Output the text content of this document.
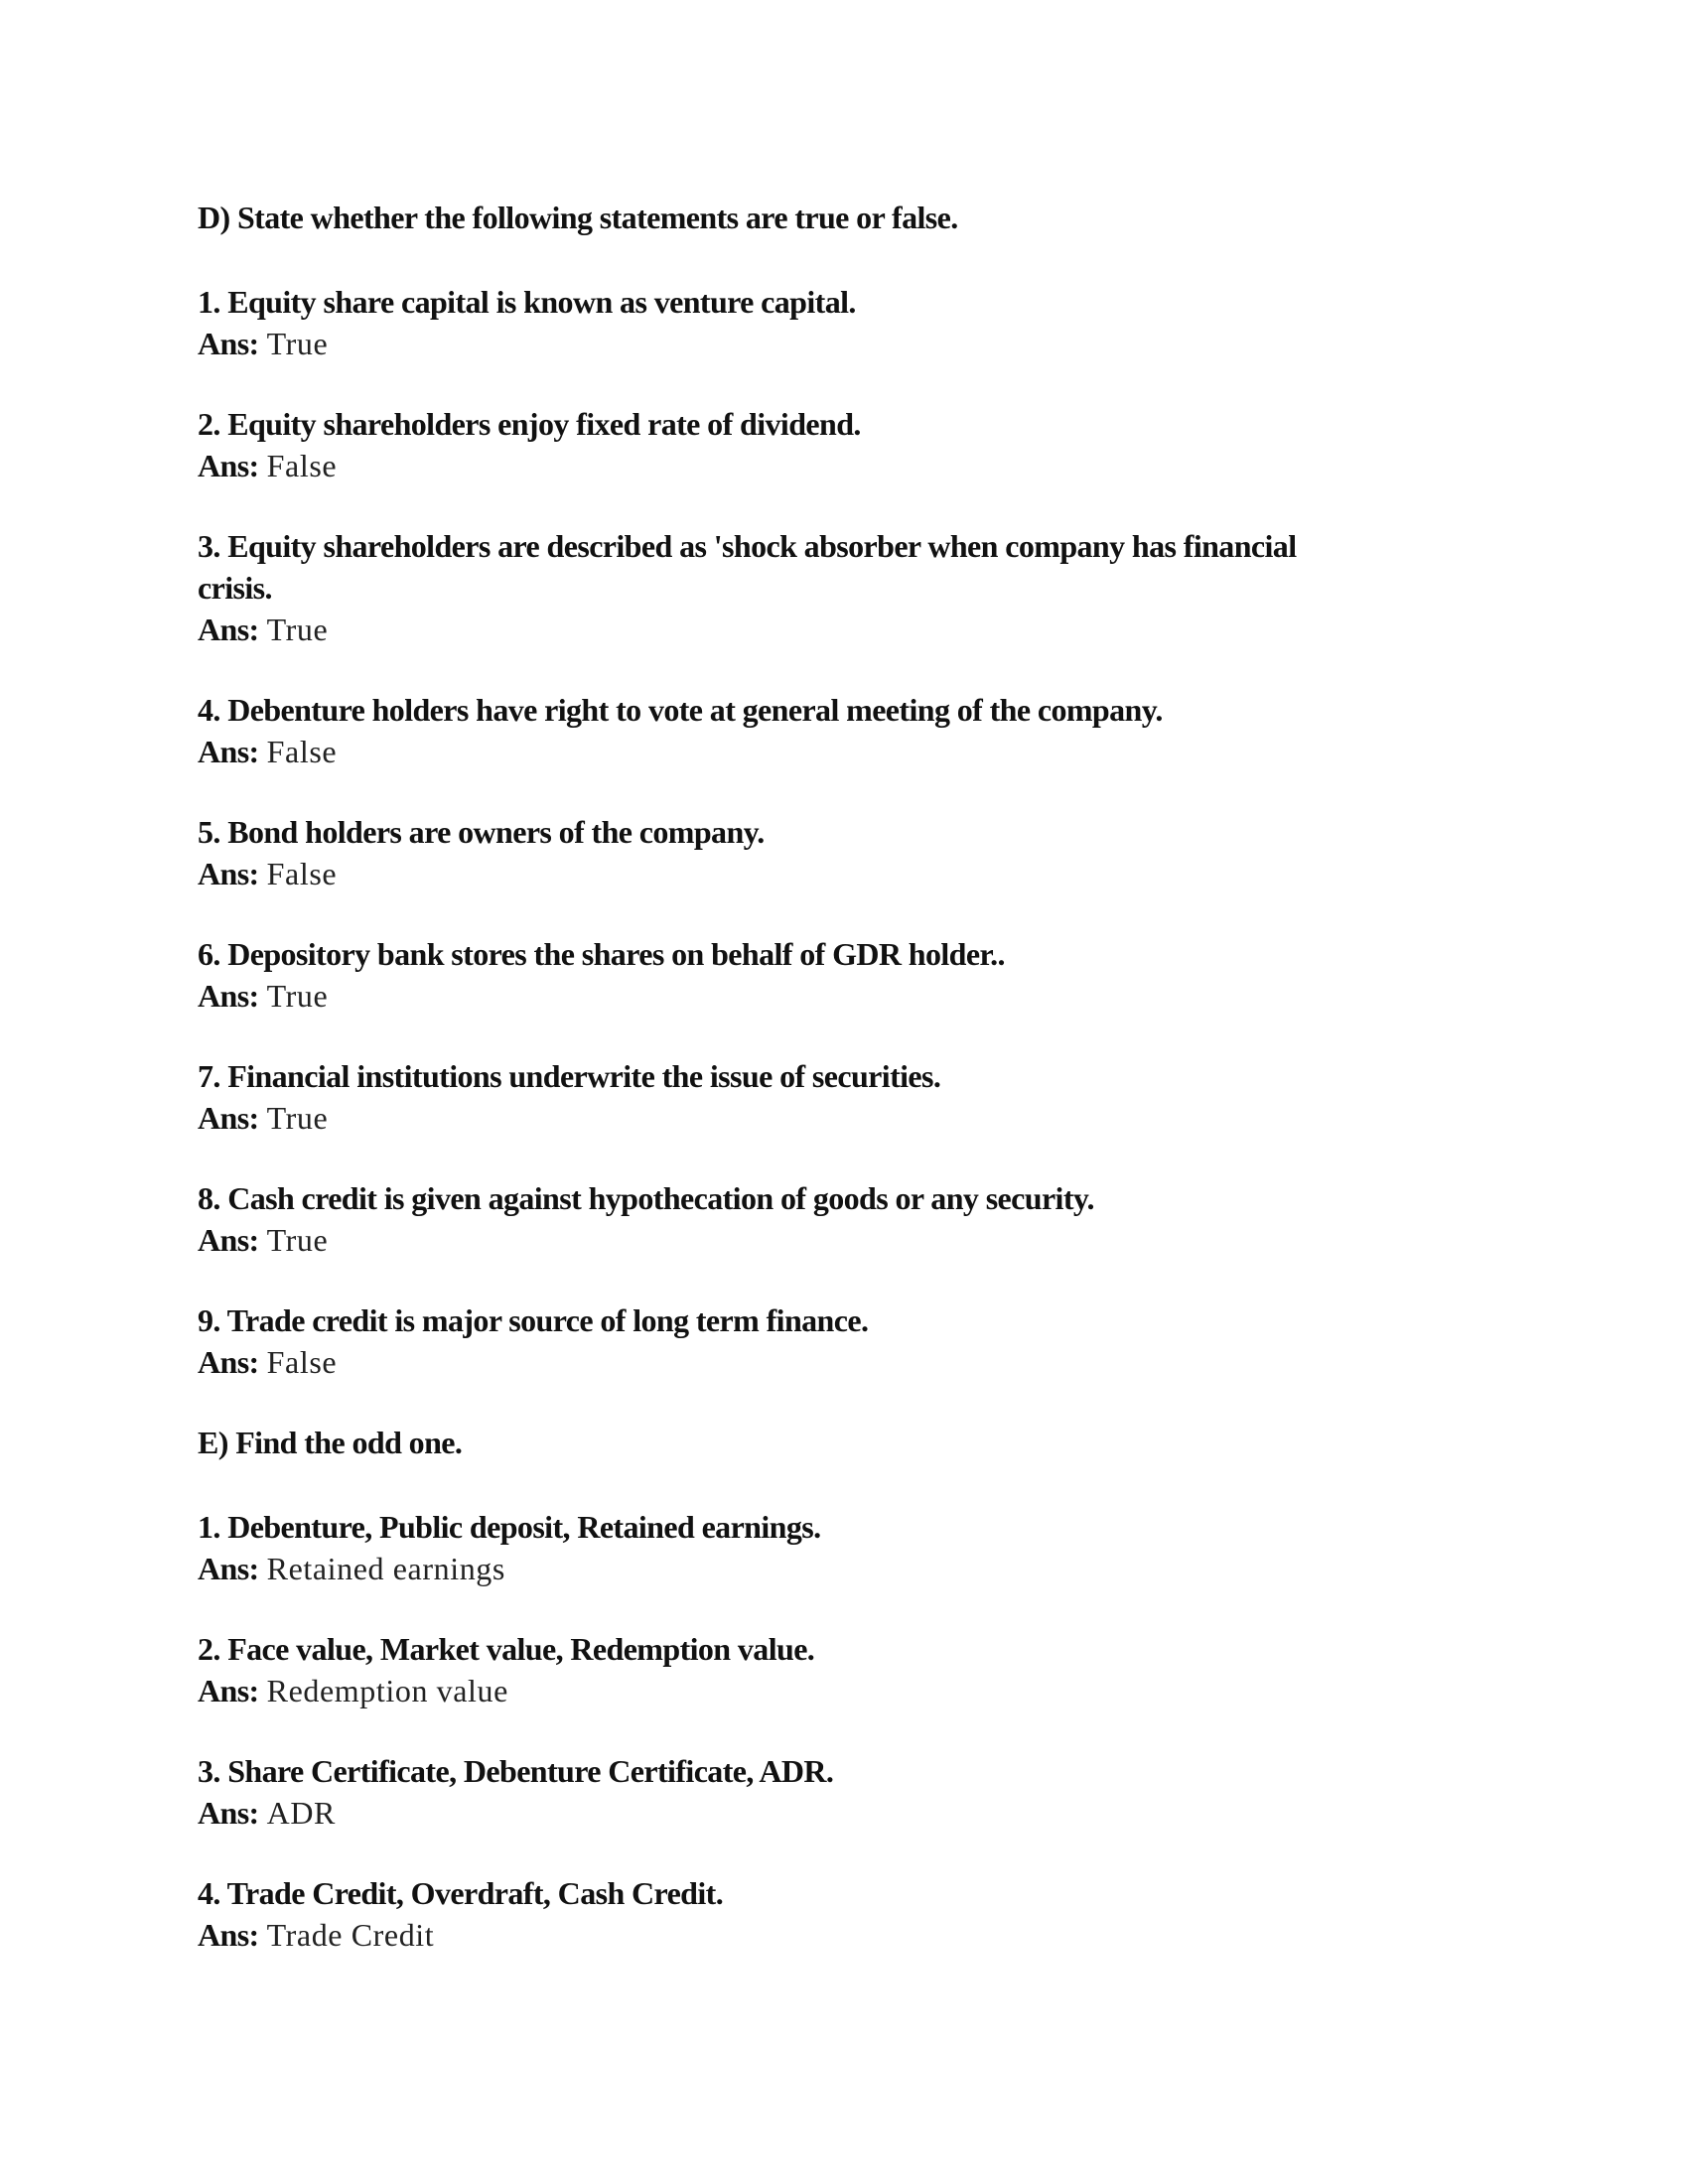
D) State whether the following statements are true or false.
1. Equity share capital is known as venture capital.
Ans: True
2. Equity shareholders enjoy fixed rate of dividend.
Ans: False
3. Equity shareholders are described as 'shock absorber when company has financial crisis.
Ans: True
4. Debenture holders have right to vote at general meeting of the company.
Ans: False
5. Bond holders are owners of the company.
Ans: False
6. Depository bank stores the shares on behalf of GDR holder..
Ans: True
7. Financial institutions underwrite the issue of securities.
Ans: True
8. Cash credit is given against hypothecation of goods or any security.
Ans: True
9. Trade credit is major source of long term finance.
Ans: False
E) Find the odd one.
1. Debenture, Public deposit, Retained earnings.
Ans: Retained earnings
2. Face value, Market value, Redemption value.
Ans: Redemption value
3. Share Certificate, Debenture Certificate, ADR.
Ans: ADR
4. Trade Credit, Overdraft, Cash Credit.
Ans: Trade Credit
